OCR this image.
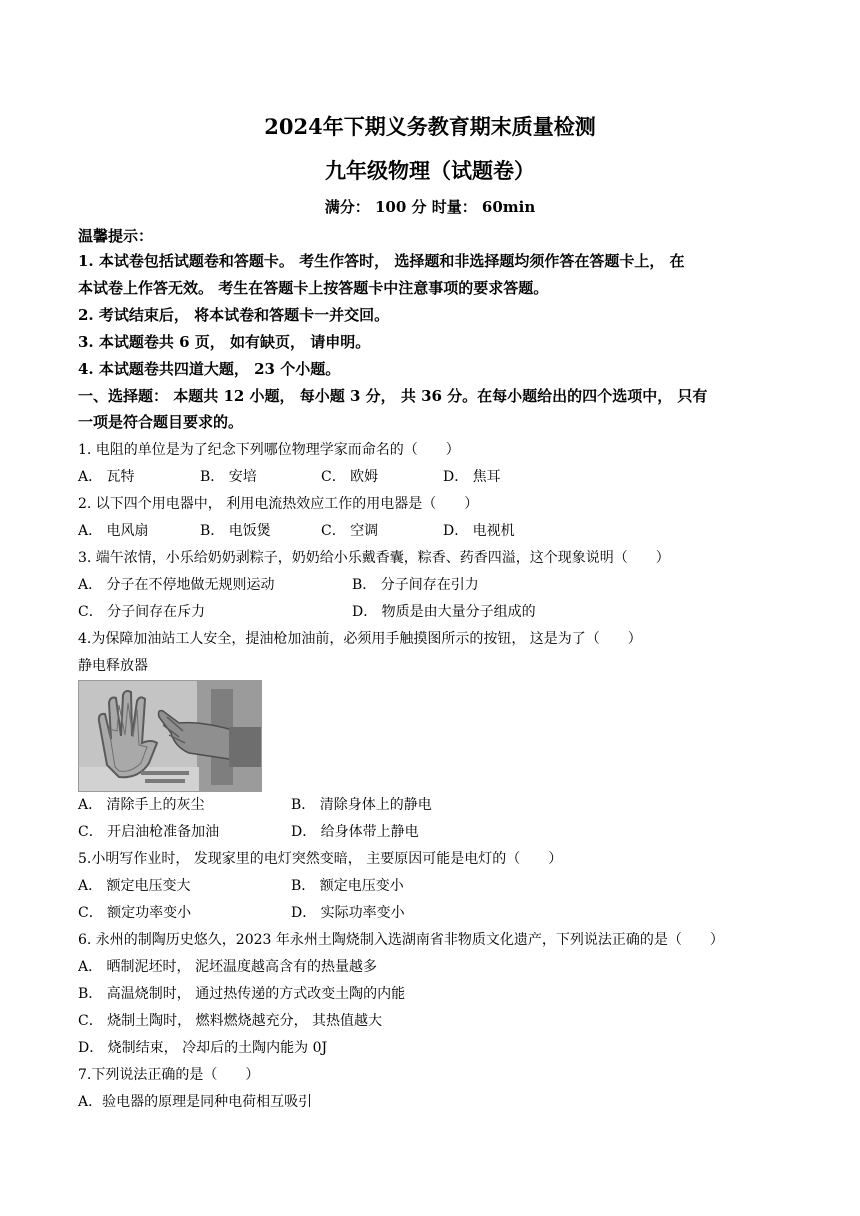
2024年下期义务教育期末质量检测
九年级物理（试题卷）
满分： 100 分 时量： 60min
温馨提示：
1. 本试卷包括试题卷和答题卡。 考生作答时， 选择题和非选择题均须作答在答题卡上， 在
本试卷上作答无效。 考生在答题卡上按答题卡中注意事项的要求答题。
2. 考试结束后， 将本试卷和答题卡一并交回。
3. 本试题卷共 6 页， 如有缺页， 请申明。
4. 本试题卷共四道大题， 23 个小题。
一、选择题： 本题共 12 小题， 每小题 3 分， 共 36 分。在每小题给出的四个选项中， 只有
一项是符合题目要求的。
1. 电阻的单位是为了纪念下列哪位物理学家而命名的（　　）
A． 瓦特	B． 安培	C． 欧姆	D． 焦耳
2. 以下四个用电器中， 利用电流热效应工作的用电器是（　　）
A． 电风扇	B． 电饭煲	C． 空调	D． 电视机
3. 端午浓情，小乐给奶奶剥粽子，奶奶给小乐戴香囊，粽香、药香四溢，这个现象说明（　　）
A． 分子在不停地做无规则运动	B． 分子间存在引力
C． 分子间存在斥力	D． 物质是由大量分子组成的
4.为保障加油站工人安全，提油枪加油前，必须用手触摸图所示的按钮， 这是为了（　　）
静电释放器
A． 清除手上的灰尘	B． 清除身体上的静电
C． 开启油枪准备加油	D． 给身体带上静电
5.小明写作业时， 发现家里的电灯突然变暗， 主要原因可能是电灯的（　　）
A． 额定电压变大	B． 额定电压变小
C． 额定功率变小	D． 实际功率变小
6. 永州的制陶历史悠久，2023 年永州土陶烧制入选湖南省非物质文化遗产，下列说法正确的是（　　）
A． 晒制泥坯时， 泥坯温度越高含有的热量越多
B． 高温烧制时， 通过热传递的方式改变土陶的内能
C． 烧制土陶时， 燃料燃烧越充分， 其热值越大
D． 烧制结束， 冷却后的土陶内能为 0J
7.下列说法正确的是（　　）
A．验电器的原理是同种电荷相互吸引
